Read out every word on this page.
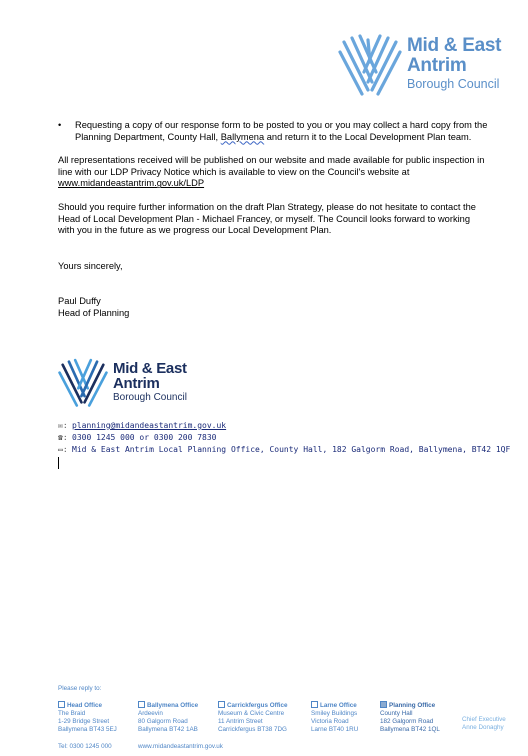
Mid & East
Antrim
Borough Council
• Requesting a copy of our response form to be posted to you or you may collect a hard copy from the Planning Department, County Hall, Ballymena and return it to the Local Development Plan team.

All representations received will be published on our website and made available for public inspection in line with our LDP Privacy Notice which is available to view on the Council's website at www.midandeastantrim.gov.uk/LDP

Should you require further information on the draft Plan Strategy, please do not hesitate to contact the Head of Local Development Plan - Michael Francey, or myself. The Council looks forward to working with you in the future as we progress our Local Development Plan.

Yours sincerely,

Paul Duffy
Head of Planning
Mid & East
Antrim
Borough Council
✉: planning@midandeastantrim.gov.uk
☎: 0300 1245 000 or 0300 200 7830
▭: Mid & East Antrim Local Planning Office, County Hall, 182 Galgorm Road, Ballymena, BT42 1QF
Please reply to:
Head Office
The Braid
1-29 Bridge Street
Ballymena BT43 5EJ
Ballymena Office
Ardeevin
80 Galgorm Road
Ballymena BT42 1AB
Carrickfergus Office
Museum & Civic Centre
11 Antrim Street
Carrickfergus BT38 7DG
Larne Office
Smiley Buildings
Victoria Road
Larne BT40 1RU
Planning Office
County Hall
182 Galgorm Road
Ballymena BT42 1QL
Chief Executive
Anne Donaghy
Tel: 0300 1245 000	www.midandeastantrim.gov.uk
